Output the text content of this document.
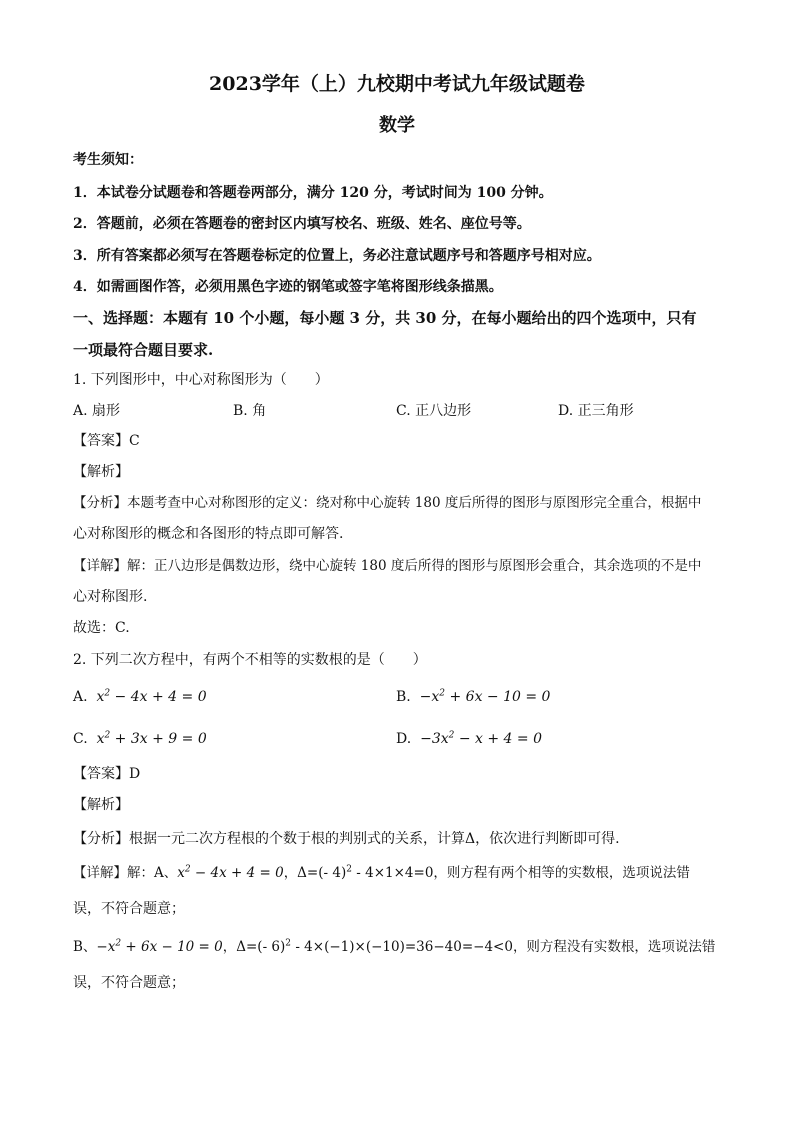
2023学年（上）九校期中考试九年级试题卷
数学
考生须知：
1．本试卷分试题卷和答题卷两部分，满分 120 分，考试时间为 100 分钟。
2．答题前，必须在答题卷的密封区内填写校名、班级、姓名、座位号等。
3．所有答案都必须写在答题卷标定的位置上，务必注意试题序号和答题序号相对应。
4．如需画图作答，必须用黑色字迹的钢笔或签字笔将图形线条描黑。
一、选择题：本题有 10 个小题，每小题 3 分，共 30 分，在每小题给出的四个选项中，只有
一项最符合题目要求.
1. 下列图形中，中心对称图形为（　　）
A. 扇形	B. 角	C. 正八边形	D. 正三角形
【答案】C
【解析】
【分析】本题考查中心对称图形的定义：绕对称中心旋转 180 度后所得的图形与原图形完全重合，根据中
心对称图形的概念和各图形的特点即可解答.
【详解】解：正八边形是偶数边形，绕中心旋转 180 度后所得的图形与原图形会重合，其余选项的不是中
心对称图形.
故选：C.
2. 下列二次方程中，有两个不相等的实数根的是（　　）
A. $x^2 - 4x + 4 = 0$	B. $-x^2 + 6x - 10 = 0$
C. $x^2 + 3x + 9 = 0$	D. $-3x^2 - x + 4 = 0$
【答案】D
【解析】
【分析】根据一元二次方程根的个数于根的判别式的关系，计算Δ，依次进行判断即可得.
【详解】解：A、$x^2 - 4x + 4 = 0$，Δ=(- 4)$^2$ - 4×1×4=0，则方程有两个相等的实数根，选项说法错
误，不符合题意；
B、$-x^2 + 6x - 10 = 0$，Δ=(- 6)$^2$ - 4×(−1)×(−10)=36−40=−4<0，则方程没有实数根，选项说法错
误，不符合题意；
